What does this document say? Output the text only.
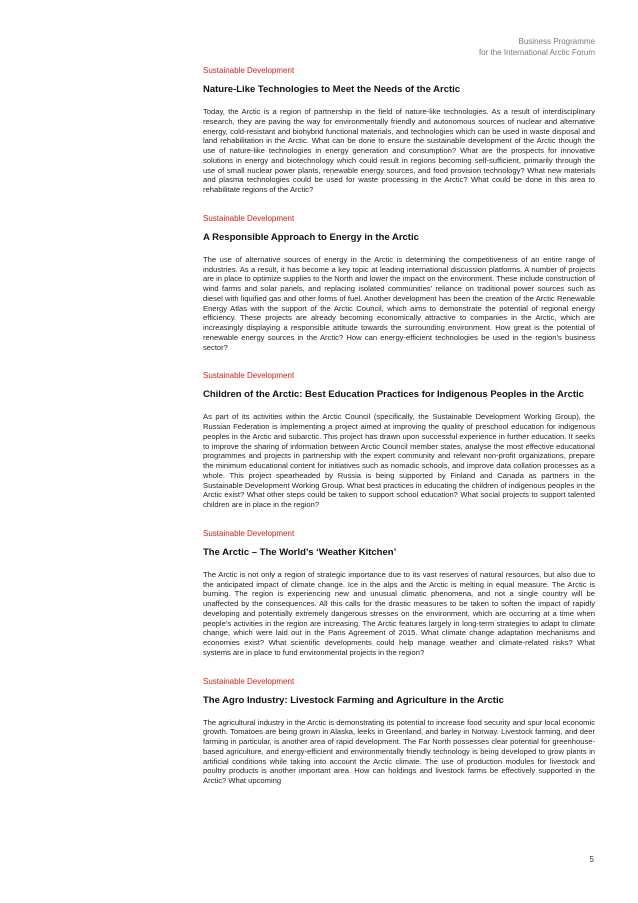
Business Programme
for the International Arctic Forum

Sustainable Development

Nature-Like Technologies to Meet the Needs of the Arctic

Today, the Arctic is a region of partnership in the field of nature-like technologies. As a result of interdisciplinary research, they are paving the way for environmentally friendly and autonomous sources of nuclear and alternative energy, cold-resistant and biohybrid functional materials, and technologies which can be used in waste disposal and land rehabilitation in the Arctic. What can be done to ensure the sustainable development of the Arctic though the use of nature-like technologies in energy generation and consumption? What are the prospects for innovative solutions in energy and biotechnology which could result in regions becoming self-sufficient, primarily through the use of small nuclear power plants, renewable energy sources, and food provision technology? What new materials and plasma technologies could be used for waste processing in the Arctic? What could be done in this area to rehabilitate regions of the Arctic?

Sustainable Development

A Responsible Approach to Energy in the Arctic

The use of alternative sources of energy in the Arctic is determining the competitiveness of an entire range of industries. As a result, it has become a key topic at leading international discussion platforms. A number of projects are in place to optimize supplies to the North and lower the impact on the environment. These include construction of wind farms and solar panels, and replacing isolated communities’ reliance on traditional power sources such as diesel with liquified gas and other forms of fuel. Another development has been the creation of the Arctic Renewable Energy Atlas with the support of the Arctic Council, which aims to demonstrate the potential of regional energy efficiency. These projects are already becoming economically attractive to companies in the Arctic, which are increasingly displaying a responsible attitude towards the surrounding environment. How great is the potential of renewable energy sources in the Arctic? How can energy-efficient technologies be used in the region’s business sector?

Sustainable Development

Children of the Arctic: Best Education Practices for Indigenous Peoples in the Arctic

As part of its activities within the Arctic Council (specifically, the Sustainable Development Working Group), the Russian Federation is implementing a project aimed at improving the quality of preschool education for indigenous peoples in the Arctic and subarctic. This project has drawn upon successful experience in further education. It seeks to improve the sharing of information between Arctic Council member states, analyse the most effective educational programmes and projects in partnership with the expert community and relevant non-profit organizations, prepare the minimum educational content for initiatives such as nomadic schools, and improve data collation processes as a whole. This project spearheaded by Russia is being supported by Finland and Canada as partners in the Sustainable Development Working Group. What best practices in educating the children of indigenous peoples in the Arctic exist? What other steps could be taken to support school education? What social projects to support talented children are in place in the region?

Sustainable Development

The Arctic – The World’s ‘Weather Kitchen’

The Arctic is not only a region of strategic importance due to its vast reserves of natural resources, but also due to the anticipated impact of climate change. Ice in the alps and the Arctic is melting in equal measure. The Arctic is burning. The region is experiencing new and unusual climatic phenomena, and not a single country will be unaffected by the consequences. All this calls for the drastic measures to be taken to soften the impact of rapidly developing and potentially extremely dangerous stresses on the environment, which are occurring at a time when people’s activities in the region are increasing. The Arctic features largely in long-term strategies to adapt to climate change, which were laid out in the Paris Agreement of 2015. What climate change adaptation mechanisms and economies exist? What scientific developments could help manage weather and climate-related risks? What systems are in place to fund environmental projects in the region?

Sustainable Development

The Agro Industry: Livestock Farming and Agriculture in the Arctic

The agricultural industry in the Arctic is demonstrating its potential to increase food security and spur local economic growth. Tomatoes are being grown in Alaska, leeks in Greenland, and barley in Norway. Livestock farming, and deer farming in particular, is another area of rapid development. The Far North possesses clear potential for greenhouse-based agriculture, and energy-efficient and environmentally friendly technology is being developed to grow plants in artificial conditions while taking into account the Arctic climate. The use of production modules for livestock and poultry products is another important area. How can holdings and livestock farms be effectively supported in the Arctic? What upcoming

5
